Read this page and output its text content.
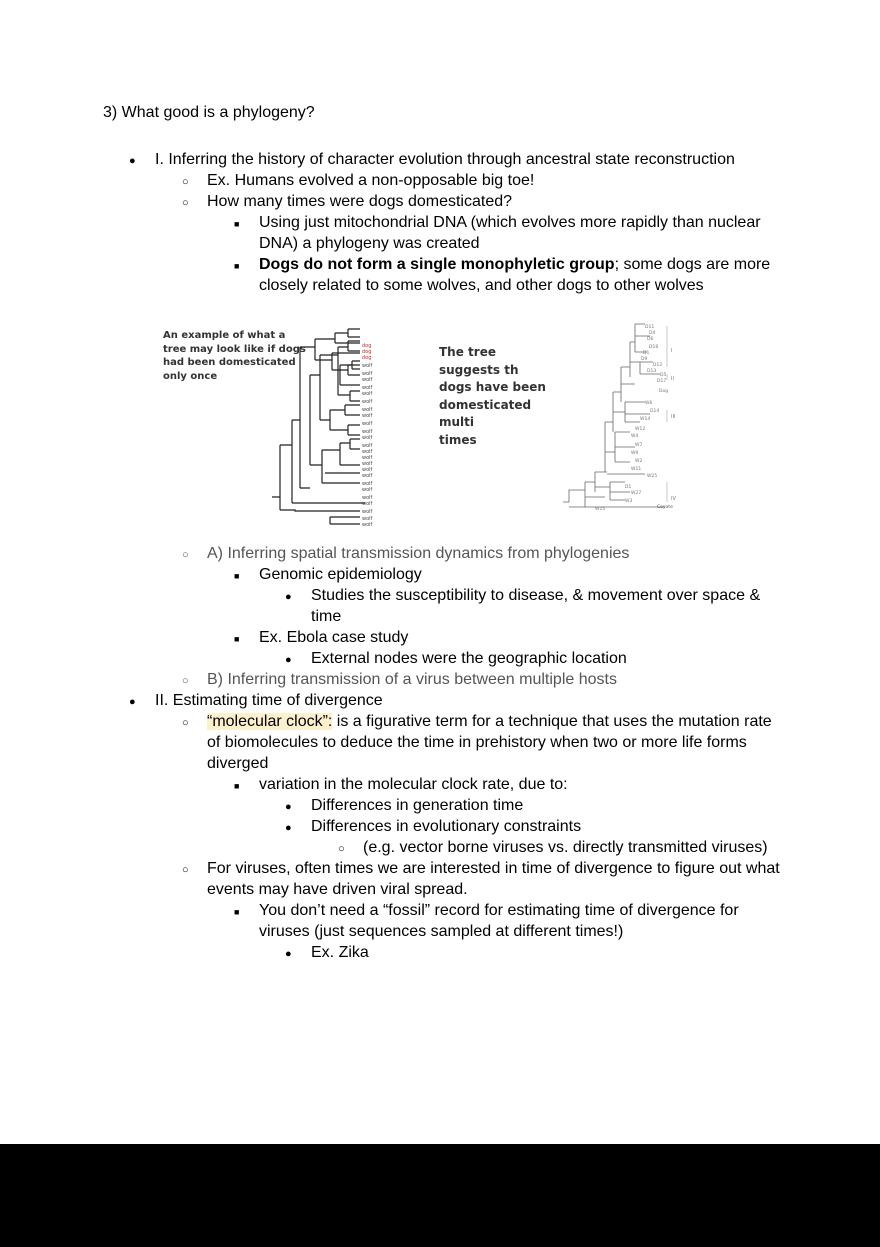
3) What good is a phylogeny?
●
I. Inferring the history of character evolution through ancestral state reconstruction
○
Ex. Humans evolved a non-opposable big toe!
○
How many times were dogs domesticated?
■
Using just mitochondrial DNA (which evolves more rapidly than nuclear
DNA) a phylogeny was created
■
Dogs do not form a single monophyletic group; some dogs are more
closely related to some wolves, and other dogs to other wolves
An example of what a
tree may look like if dogs
had been domesticated
only once
dog
dog
dog
wolf
wolf
wolf
wolf
wolf
wolf
wolf
wolf
wolf
wolf
wolf
wolf
wolf
wolf
wolf
wolf
wolf
wolf
wolf
wolf
wolf
wolf
wolf
wolf
The tree suggests th
dogs have been
domesticated multi
times
D11
D4
D6
D18
D1
D9
D12
D13
D5
D17
Dog
W6
D14
W14
W12
W4
W7
W9
W2
W11
W25
D1
W27
W3
W15	Coyote
I
II
III
IV
○
A) Inferring spatial transmission dynamics from phylogenies
■
Genomic epidemiology
●
Studies the susceptibility to disease, & movement over space &
time
■
Ex. Ebola case study
●
External nodes were the geographic location
○
B) Inferring transmission of a virus between multiple hosts
●
II. Estimating time of divergence
○
“molecular clock”: is a figurative term for a technique that uses the mutation rate
of biomolecules to deduce the time in prehistory when two or more life forms
diverged
■
variation in the molecular clock rate, due to:
●
Differences in generation time
●
Differences in evolutionary constraints
○
(e.g. vector borne viruses vs. directly transmitted viruses)
○
For viruses, often times we are interested in time of divergence to figure out what
events may have driven viral spread.
■
You don’t need a “fossil” record for estimating time of divergence for
viruses (just sequences sampled at different times!)
●
Ex. Zika
